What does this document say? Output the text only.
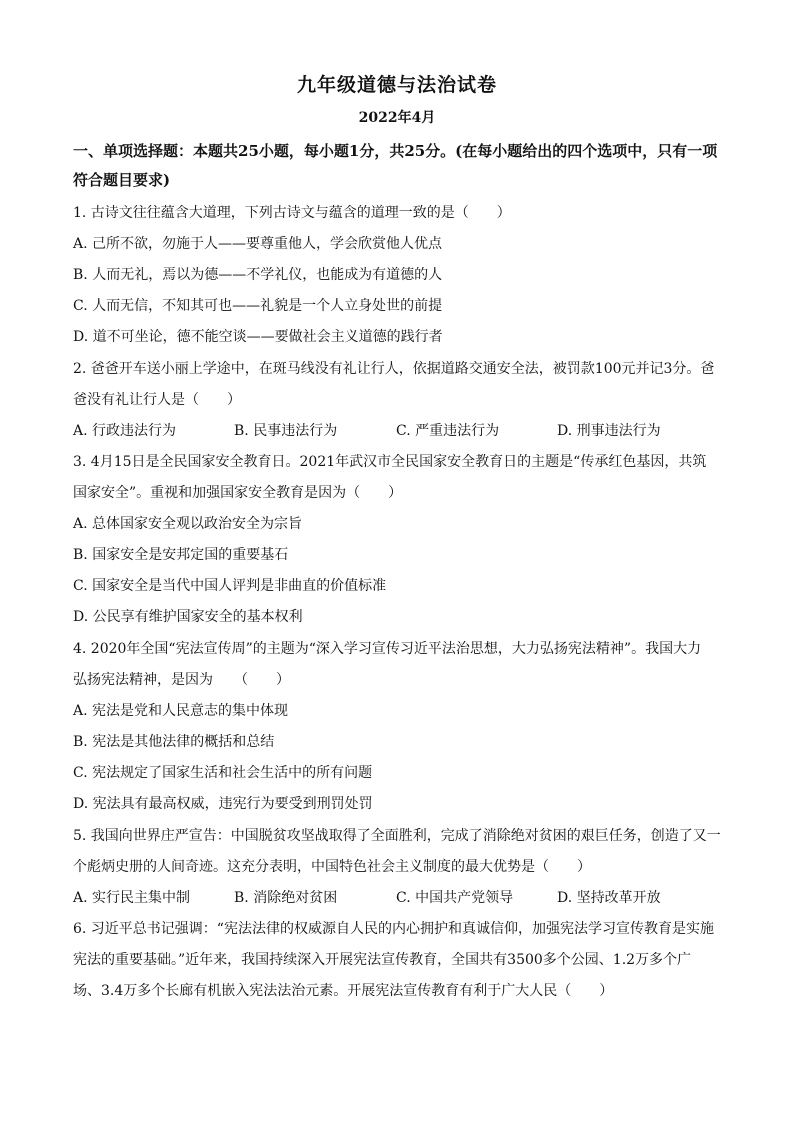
九年级道德与法治试卷
2022年4月
一、单项选择题：本题共25小题，每小题1分，共25分。(在每小题给出的四个选项中，只有一项符合题目要求)
1. 古诗文往往蕴含大道理，下列古诗文与蕴含的道理一致的是（　　）
A. 己所不欲，勿施于人——要尊重他人，学会欣赏他人优点
B. 人而无礼，焉以为德——不学礼仪，也能成为有道德的人
C. 人而无信，不知其可也——礼貌是一个人立身处世的前提
D. 道不可坐论，德不能空谈——要做社会主义道德的践行者
2. 爸爸开车送小丽上学途中，在斑马线没有礼让行人，依据道路交通安全法，被罚款100元并记3分。爸
爸没有礼让行人是（　　）
A. 行政违法行为	B. 民事违法行为	C. 严重违法行为	D. 刑事违法行为
3. 4月15日是全民国家安全教育日。2021年武汉市全民国家安全教育日的主题是“传承红色基因，共筑
国家安全”。重视和加强国家安全教育是因为（　　）
A. 总体国家安全观以政治安全为宗旨
B. 国家安全是安邦定国的重要基石
C. 国家安全是当代中国人评判是非曲直的价值标准
D. 公民享有维护国家安全的基本权利
4. 2020年全国“宪法宣传周”的主题为“深入学习宣传习近平法治思想，大力弘扬宪法精神”。我国大力
弘扬宪法精神，是因为　　（　　）
A. 宪法是党和人民意志的集中体现
B. 宪法是其他法律的概括和总结
C. 宪法规定了国家生活和社会生活中的所有问题
D. 宪法具有最高权威，违宪行为要受到刑罚处罚
5. 我国向世界庄严宣告：中国脱贫攻坚战取得了全面胜利，完成了消除绝对贫困的艰巨任务，创造了又一
个彪炳史册的人间奇迹。这充分表明，中国特色社会主义制度的最大优势是（　　）
A. 实行民主集中制	B. 消除绝对贫困	C. 中国共产党领导	D. 坚持改革开放
6. 习近平总书记强调：“宪法法律的权威源自人民的内心拥护和真诚信仰，加强宪法学习宣传教育是实施
宪法的重要基础。”近年来，我国持续深入开展宪法宣传教育，全国共有3500多个公园、1.2万多个广
场、3.4万多个长廊有机嵌入宪法法治元素。开展宪法宣传教育有利于广大人民（　　）
